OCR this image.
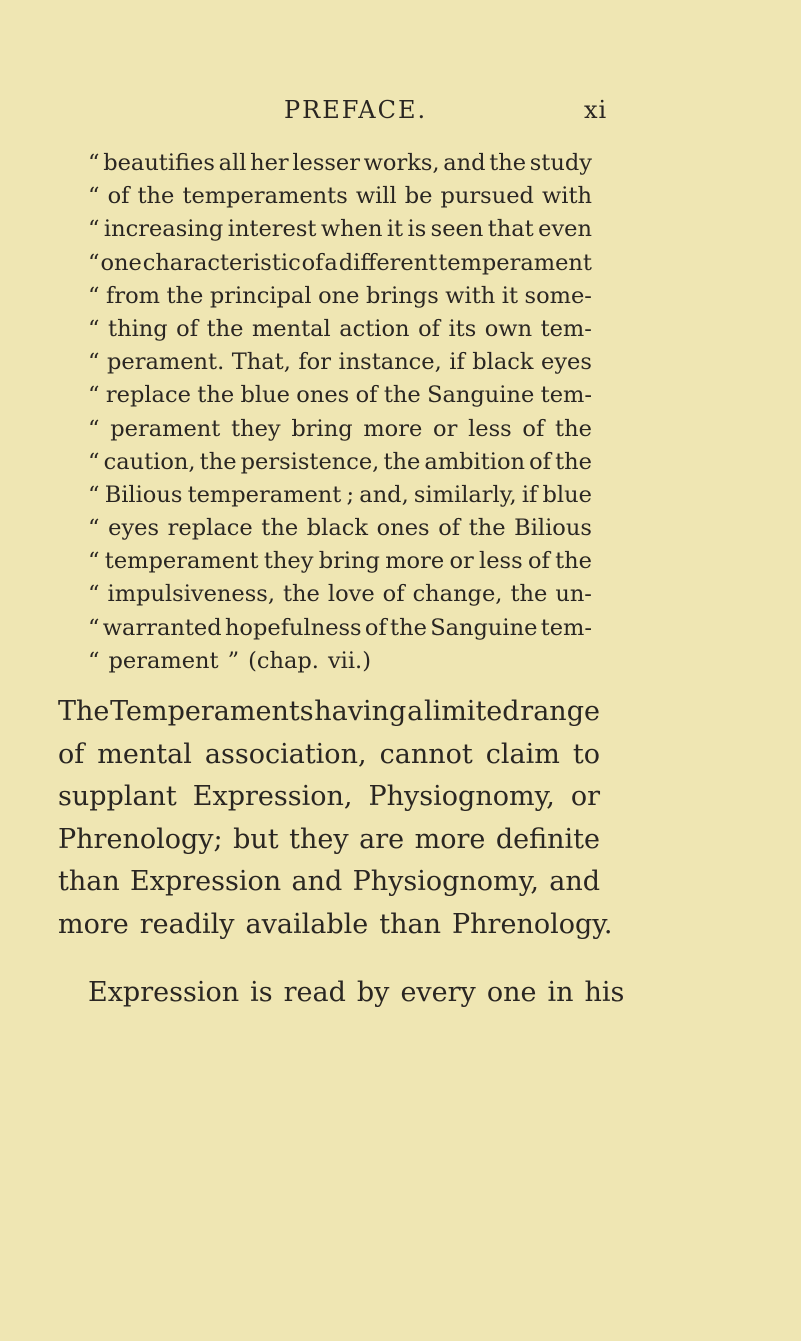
PREFACE.	xi
“ beautifies all her lesser works, and the study
“ of the temperaments will be pursued with
“ increasing interest when it is seen that even
“ one characteristic of a different temperament
“ from the principal one brings with it some-
“ thing of the mental action of its own tem-
“ perament. That, for instance, if black eyes
“ replace the blue ones of the Sanguine tem-
“ perament they bring more or less of the
“ caution, the persistence, the ambition of the
“ Bilious temperament ; and, similarly, if blue
“ eyes replace the black ones of the Bilious
“ temperament they bring more or less of the
“ impulsiveness, the love of change, the un-
“ warranted hopefulness of the Sanguine tem-
“ perament ” (chap. vii.)
The Temperaments having a limited range
of mental association, cannot claim to
supplant Expression, Physiognomy, or
Phrenology; but they are more definite
than Expression and Physiognomy, and
more readily available than Phrenology.
Expression is read by every one in his
